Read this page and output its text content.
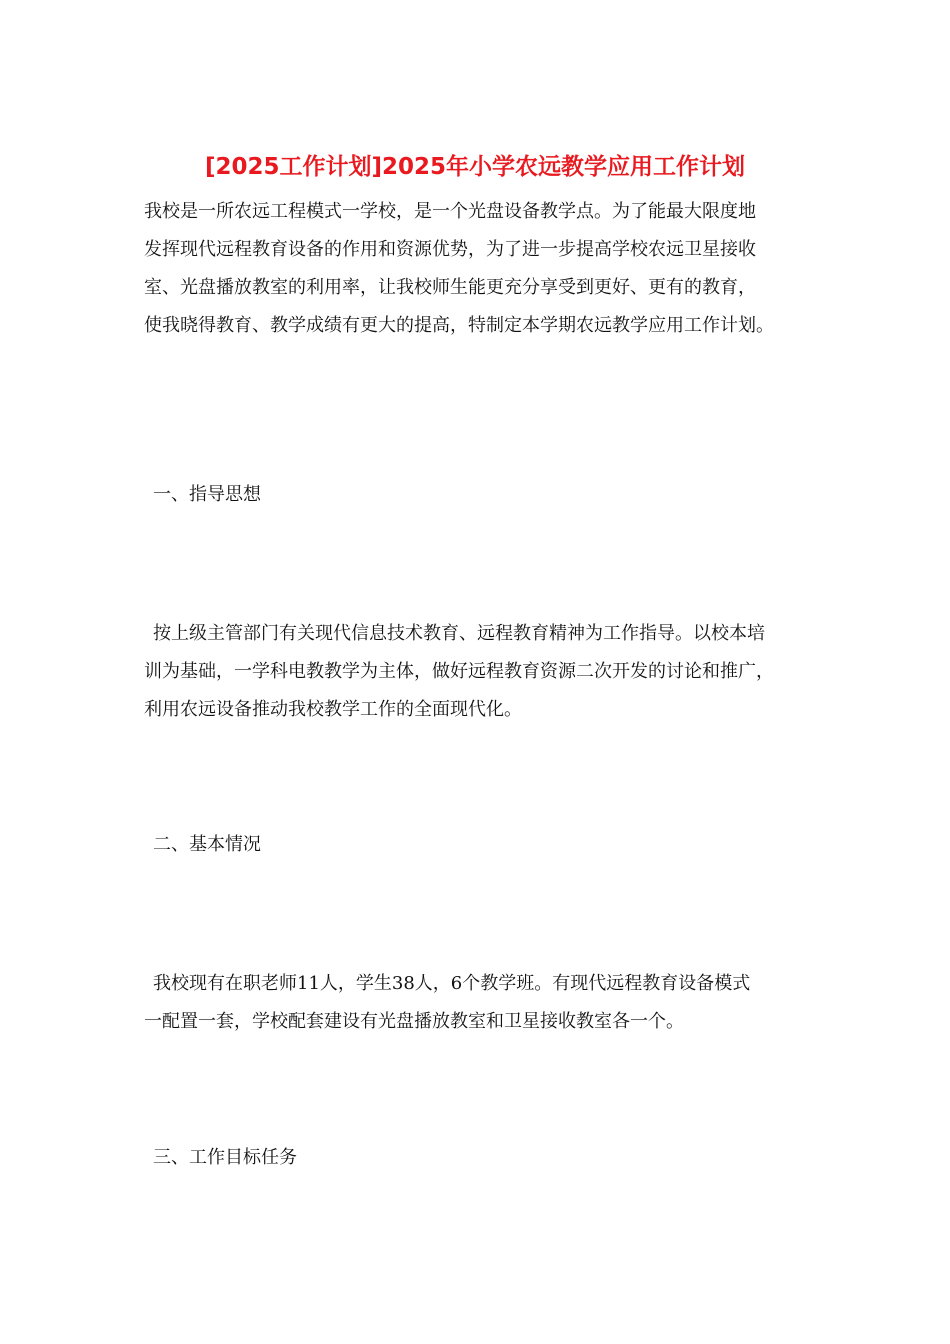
[2025工作计划]2025年小学农远教学应用工作计划
我校是一所农远工程模式一学校，是一个光盘设备教学点。为了能最大限度地
发挥现代远程教育设备的作用和资源优势，为了进一步提高学校农远卫星接收
室、光盘播放教室的利用率，让我校师生能更充分享受到更好、更有的教育，
使我晓得教育、教学成绩有更大的提高，特制定本学期农远教学应用工作计划。
一、指导思想
按上级主管部门有关现代信息技术教育、远程教育精神为工作指导。以校本培
训为基础，一学科电教教学为主体，做好远程教育资源二次开发的讨论和推广，
利用农远设备推动我校教学工作的全面现代化。
二、基本情况
我校现有在职老师11人，学生38人，6个教学班。有现代远程教育设备模式
一配置一套，学校配套建设有光盘播放教室和卫星接收教室各一个。
三、工作目标任务
